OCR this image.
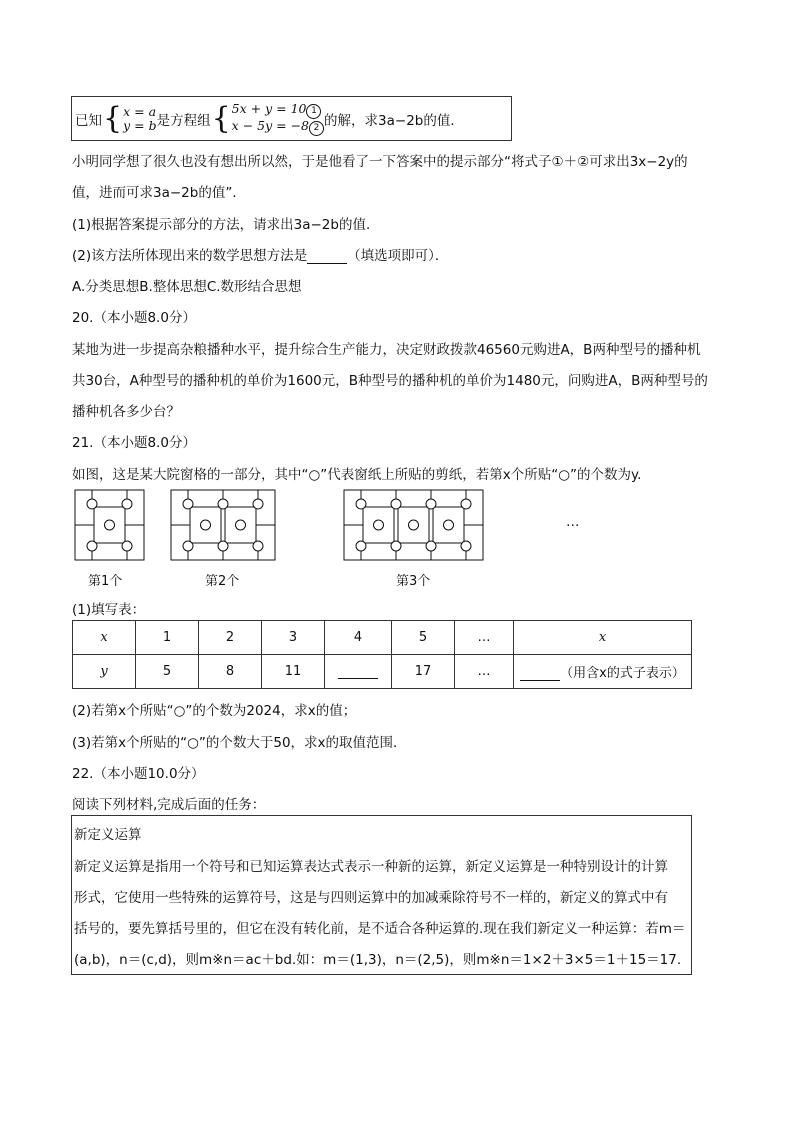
已知 { x = a
y = b 是方程组 { 5x + y = 10 1
x − 5y = −8 2 的解，求3a−2b的值．
小明同学想了很久也没有想出所以然，于是他看了一下答案中的提示部分“将式子①＋②可求出3x−2y的
值，进而可求3a−2b的值”．
(1)根据答案提示部分的方法，请求出3a−2b的值．
(2)该方法所体现出来的数学思想方法是	（填选项即可）．
A.分类思想B.整体思想C.数形结合思想
20.（本小题8.0分）
某地为进一步提高杂粮播种水平，提升综合生产能力，决定财政拨款46560元购进A，B两种型号的播种机
共30台，A种型号的播种机的单价为1600元，B种型号的播种机的单价为1480元，问购进A，B两种型号的
播种机各多少台？
21.（本小题8.0分）
如图，这是某大院窗格的一部分，其中“○”代表窗纸上所贴的剪纸，若第x个所贴“○”的个数为y.
…
第1个	第2个	第3个
(1)填写表：
x	1	2	3	4	5	…	x
y	5	8	11		17	…	（用含x的式子表示）
(2)若第x个所贴“○”的个数为2024，求x的值；
(3)若第x个所贴的“○”的个数大于50，求x的取值范围．
22.（本小题10.0分）
阅读下列材料,完成后面的任务：
新定义运算
新定义运算是指用一个符号和已知运算表达式表示一种新的运算，新定义运算是一种特别设计的计算
形式，它使用一些特殊的运算符号，这是与四则运算中的加减乘除符号不一样的，新定义的算式中有
括号的，要先算括号里的，但它在没有转化前，是不适合各种运算的.现在我们新定义一种运算：若m＝
(a,b)，n＝(c,d)，则m※n＝ac＋bd.如：m＝(1,3)，n＝(2,5)，则m※n＝1×2＋3×5＝1＋15＝17.
